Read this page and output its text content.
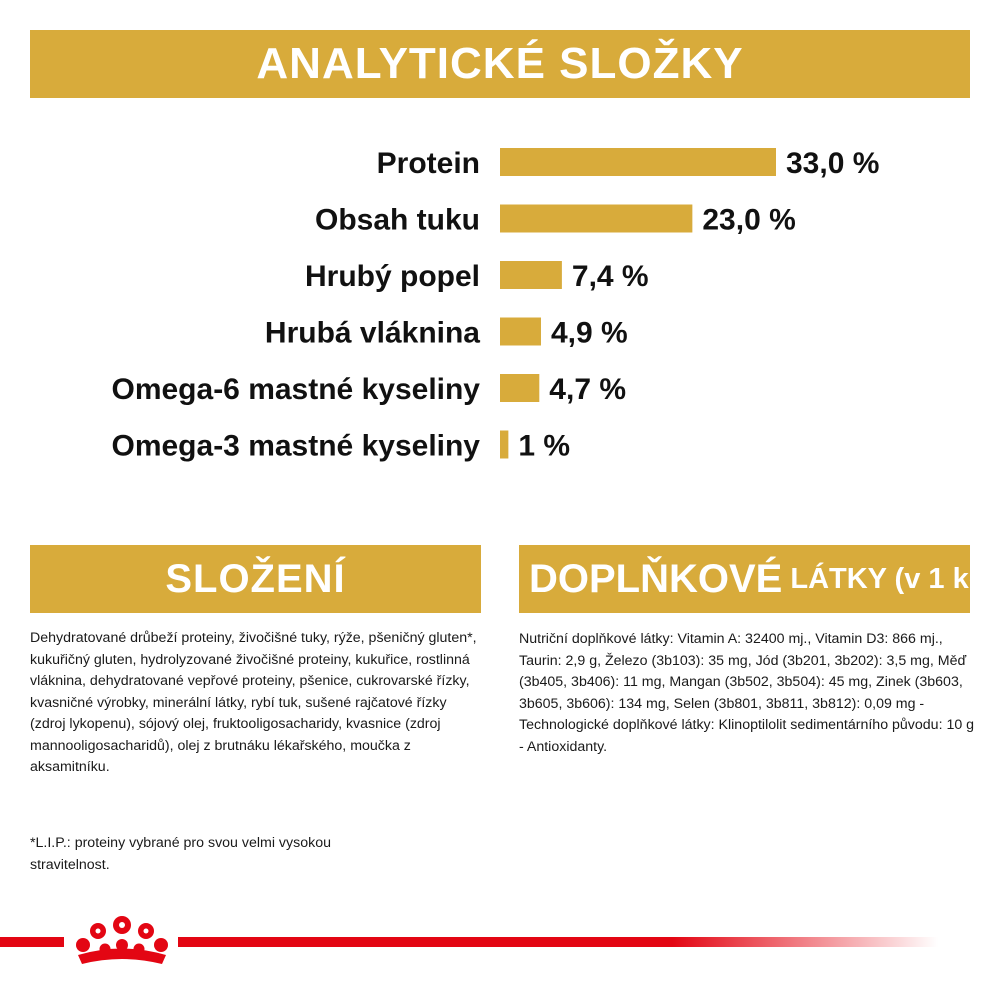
ANALYTICKÉ SLOŽKY
Protein	33,0 %
Obsah tuku	23,0 %
Hrubý popel	7,4 %
Hrubá vláknina 4,9 %
Omega-6 mastné kyseliny 4,7 %
Omega-3 mastné kyseliny 1 %
SLOŽENÍ
Dehydratované drůbeží proteiny, živočišné tuky, rýže, pšeničný gluten*, kukuřičný gluten, hydrolyzované živočišné proteiny, kukuřice, rostlinná vláknina, dehydratované vepřové proteiny, pšenice, cukrovarské řízky, kvasničné výrobky, minerální látky, rybí tuk, sušené rajčatové řízky (zdroj lykopenu), sójový olej, fruktooligosacharidy, kvasnice (zdroj mannooligosacharidů), olej z brutnáku lékařského, moučka z aksamitníku.
*L.I.P.: proteiny vybrané pro svou velmi vysokou stravitelnost.
DOPLŇKOVÉ LÁTKY (v 1 kg)
Nutriční doplňkové látky: Vitamin A: 32400 mj., Vitamin D3: 866 mj., Taurin: 2,9 g, Železo (3b103): 35 mg, Jód (3b201, 3b202): 3,5 mg, Měď (3b405, 3b406): 11 mg, Mangan (3b502, 3b504): 45 mg, Zinek (3b603, 3b605, 3b606): 134 mg, Selen (3b801, 3b811, 3b812): 0,09 mg - Technologické doplňkové látky: Klinoptilolit sedimentárního původu: 10 g - Antioxidanty.
